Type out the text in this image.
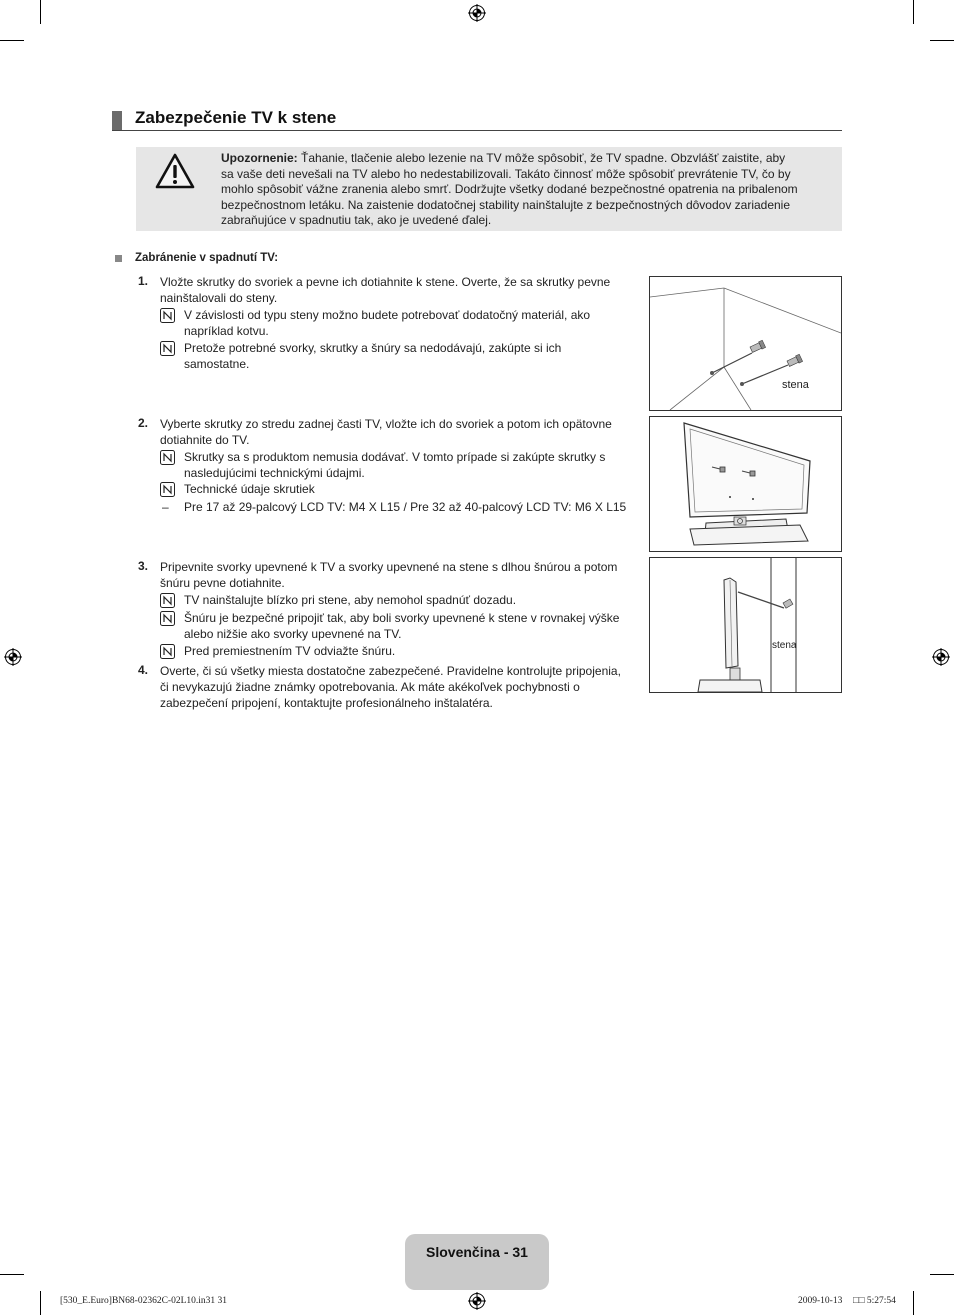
Zabezpečenie TV k stene
Upozornenie: Ťahanie, tlačenie alebo lezenie na TV môže spôsobiť, že TV spadne. Obzvlášť zaistite, aby
sa vaše deti nevešali na TV alebo ho nedestabilizovali. Takáto činnosť môže spôsobiť prevrátenie TV, čo by
mohlo spôsobiť vážne zranenia alebo smrť. Dodržujte všetky dodané bezpečnostné opatrenia na pribalenom
bezpečnostnom letáku. Na zaistenie dodatočnej stability nainštalujte z bezpečnostných dôvodov zariadenie
zabraňujúce v spadnutiu tak, ako je uvedené ďalej.
Zabránenie v spadnutí TV:
1. Vložte skrutky do svoriek a pevne ich dotiahnite k stene. Overte, že sa skrutky pevne
nainštalovali do steny.
V závislosti od typu steny možno budete potrebovať dodatočný materiál, ako
napríklad kotvu.
Pretože potrebné svorky, skrutky a šnúry sa nedodávajú, zakúpte si ich
samostatne.
2. Vyberte skrutky zo stredu zadnej časti TV, vložte ich do svoriek a potom ich opätovne
dotiahnite do TV.
Skrutky sa s produktom nemusia dodávať. V tomto prípade si zakúpte skrutky s
nasledujúcimi technickými údajmi.
Technické údaje skrutiek
– Pre 17 až 29-palcový LCD TV: M4 X L15 / Pre 32 až 40-palcový LCD TV: M6 X L15
3. Pripevnite svorky upevnené k TV a svorky upevnené na stene s dlhou šnúrou a potom
šnúru pevne dotiahnite.
TV nainštalujte blízko pri stene, aby nemohol spadnúť dozadu.
Šnúru je bezpečné pripojiť tak, aby boli svorky upevnené k stene v rovnakej výške
alebo nižšie ako svorky upevnené na TV.
Pred premiestnením TV odviažte šnúru.
4. Overte, či sú všetky miesta dostatočne zabezpečené. Pravidelne kontrolujte pripojenia,
či nevykazujú žiadne známky opotrebovania. Ak máte akékoľvek pochybnosti o
zabezpečení pripojení, kontaktujte profesionálneho inštalatéra.
stena
stena
Slovenčina - 31
[530_E.Euro]BN68-02362C-02L10.in31 31	2009-10-13 □□ 5:27:54
